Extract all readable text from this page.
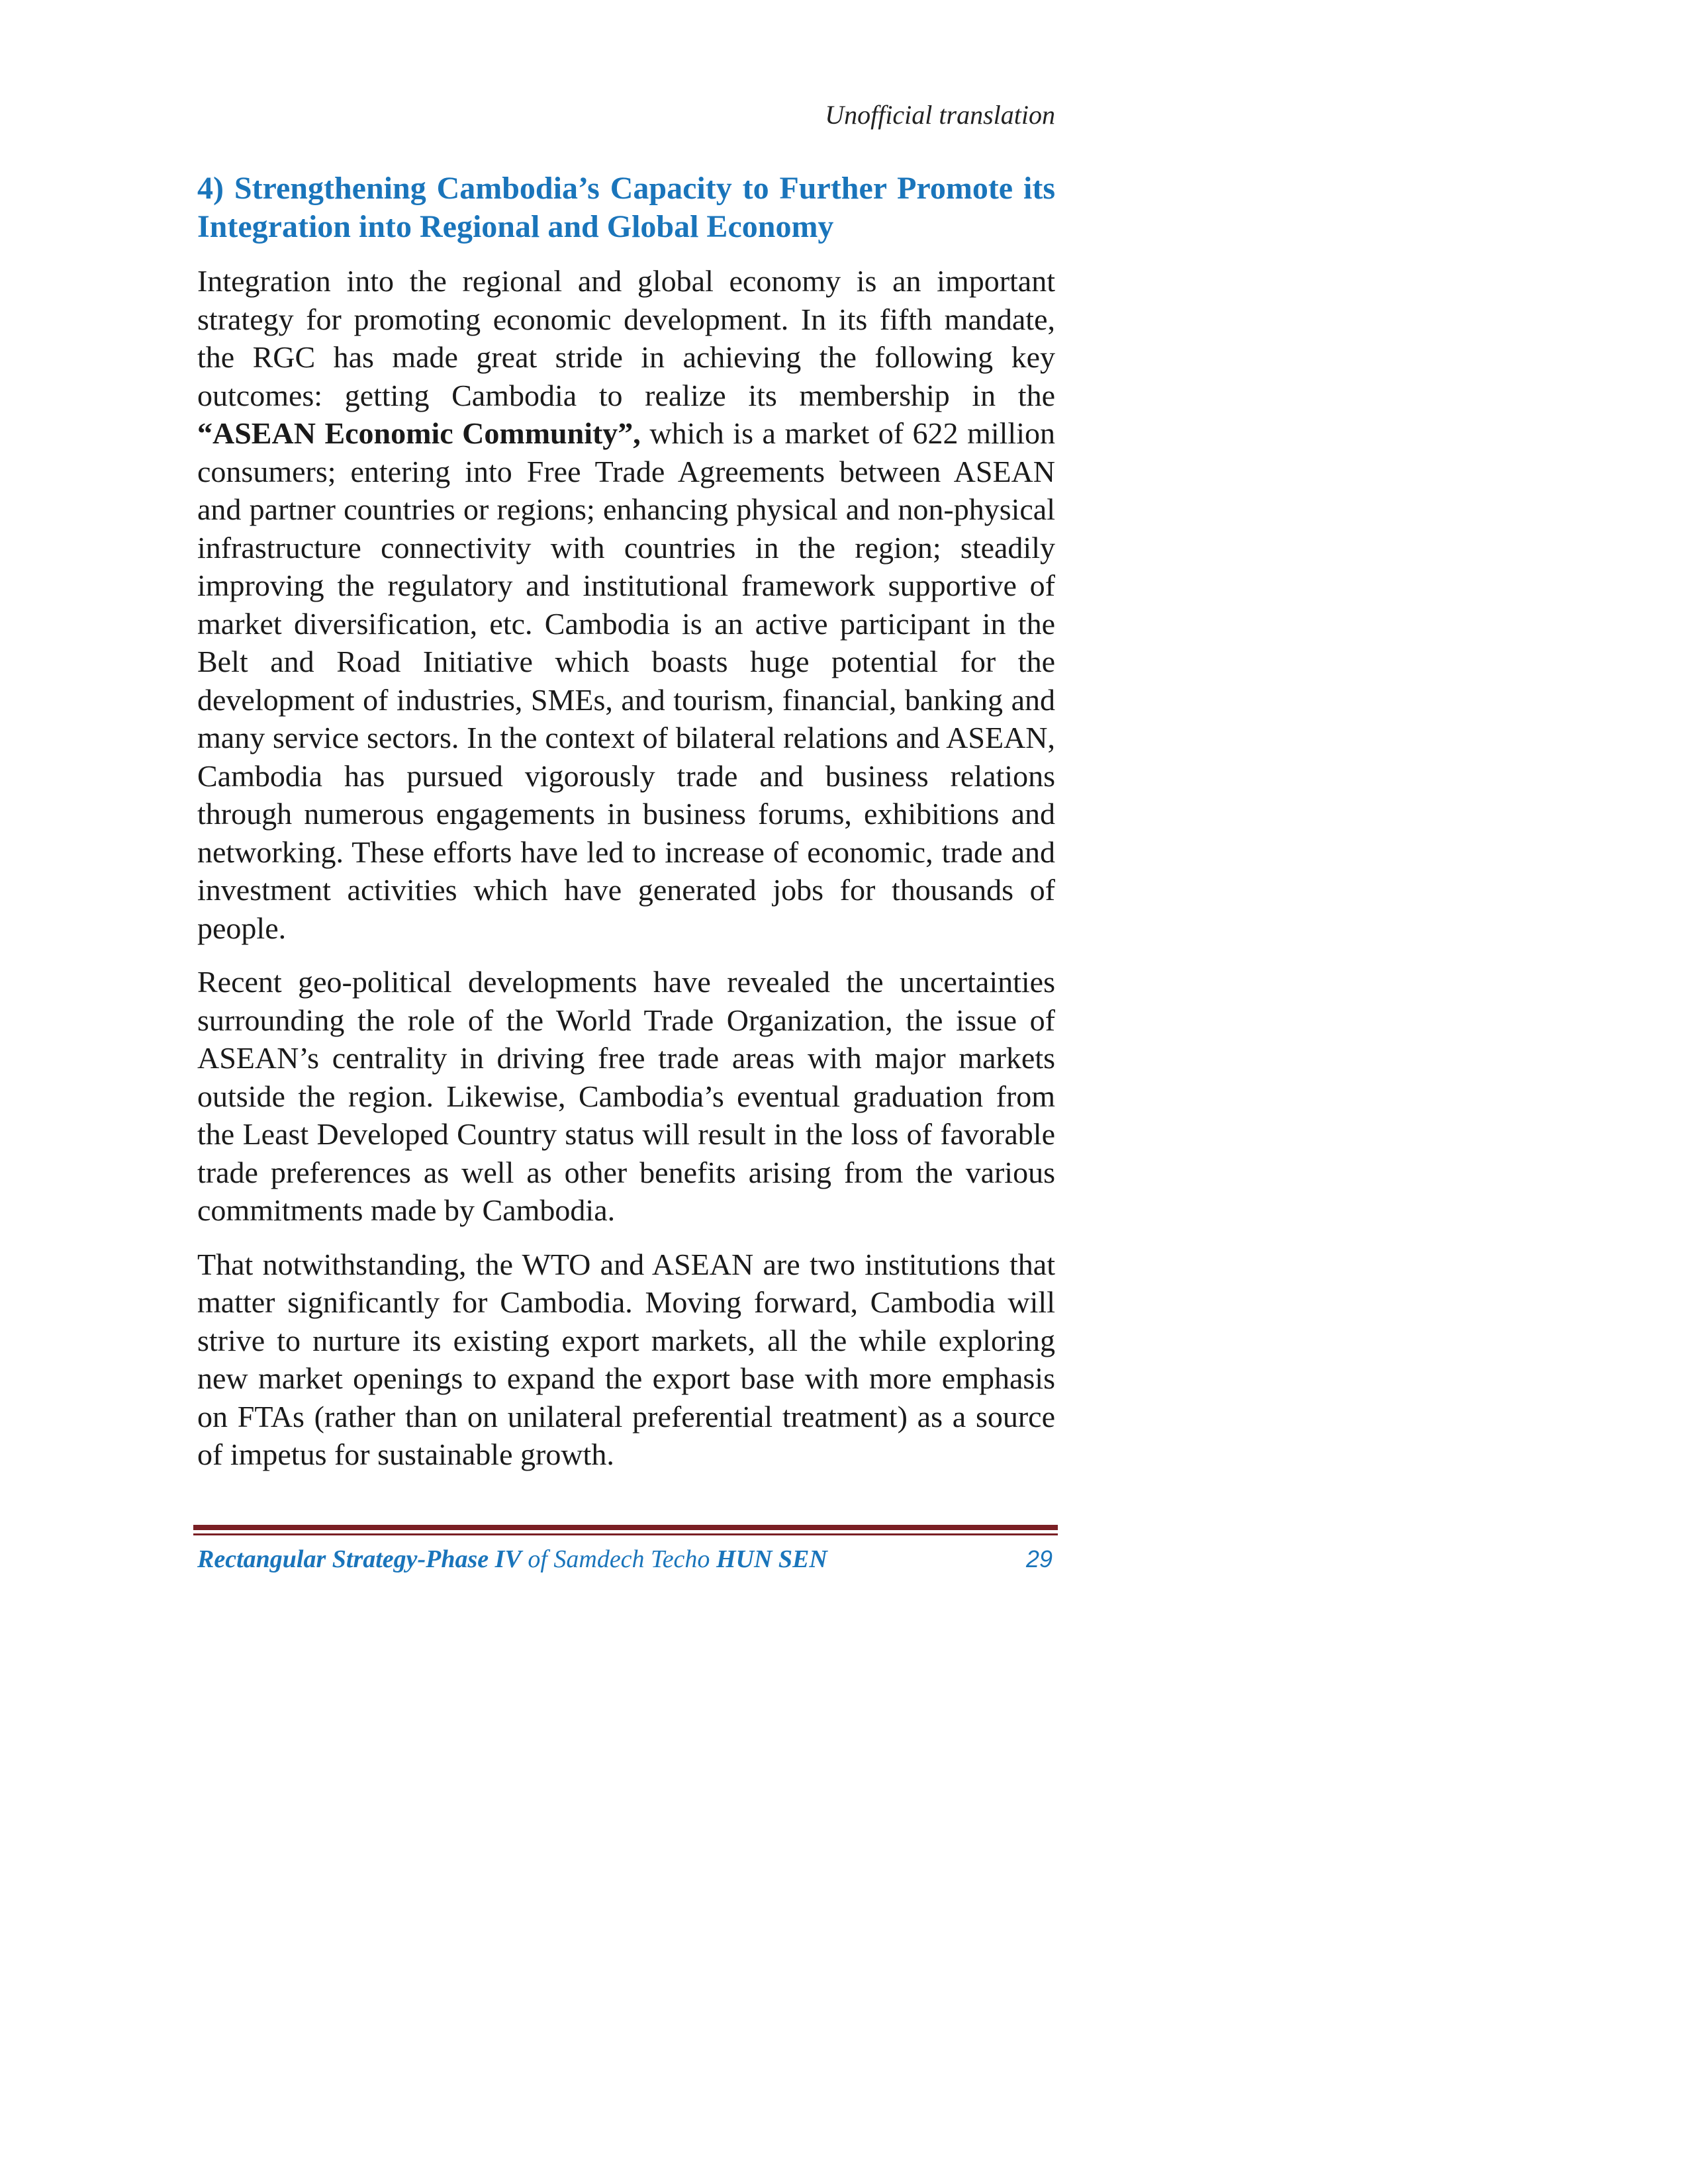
Unofficial translation
4) Strengthening Cambodia’s Capacity to Further Promote its Integration into Regional and Global Economy

Integration into the regional and global economy is an important strategy for promoting economic development. In its fifth mandate, the RGC has made great stride in achieving the following key outcomes: getting Cambodia to realize its membership in the “ASEAN Economic Community”, which is a market of 622 million consumers; entering into Free Trade Agreements between ASEAN and partner countries or regions; enhancing physical and non-physical infrastructure connectivity with countries in the region; steadily improving the regulatory and institutional framework supportive of market diversification, etc. Cambodia is an active participant in the Belt and Road Initiative which boasts huge potential for the development of industries, SMEs, and tourism, financial, banking and many service sectors. In the context of bilateral relations and ASEAN, Cambodia has pursued vigorously trade and business relations through numerous engagements in business forums, exhibitions and networking. These efforts have led to increase of economic, trade and investment activities which have generated jobs for thousands of people.

Recent geo-political developments have revealed the uncertainties surrounding the role of the World Trade Organization, the issue of ASEAN’s centrality in driving free trade areas with major markets outside the region. Likewise, Cambodia’s eventual graduation from the Least Developed Country status will result in the loss of favorable trade preferences as well as other benefits arising from the various commitments made by Cambodia.

That notwithstanding, the WTO and ASEAN are two institutions that matter significantly for Cambodia. Moving forward, Cambodia will strive to nurture its existing export markets, all the while exploring new market openings to expand the export base with more emphasis on FTAs (rather than on unilateral preferential treatment) as a source of impetus for sustainable growth.

Rectangular Strategy-Phase IV of Samdech Techo HUN SEN	29
